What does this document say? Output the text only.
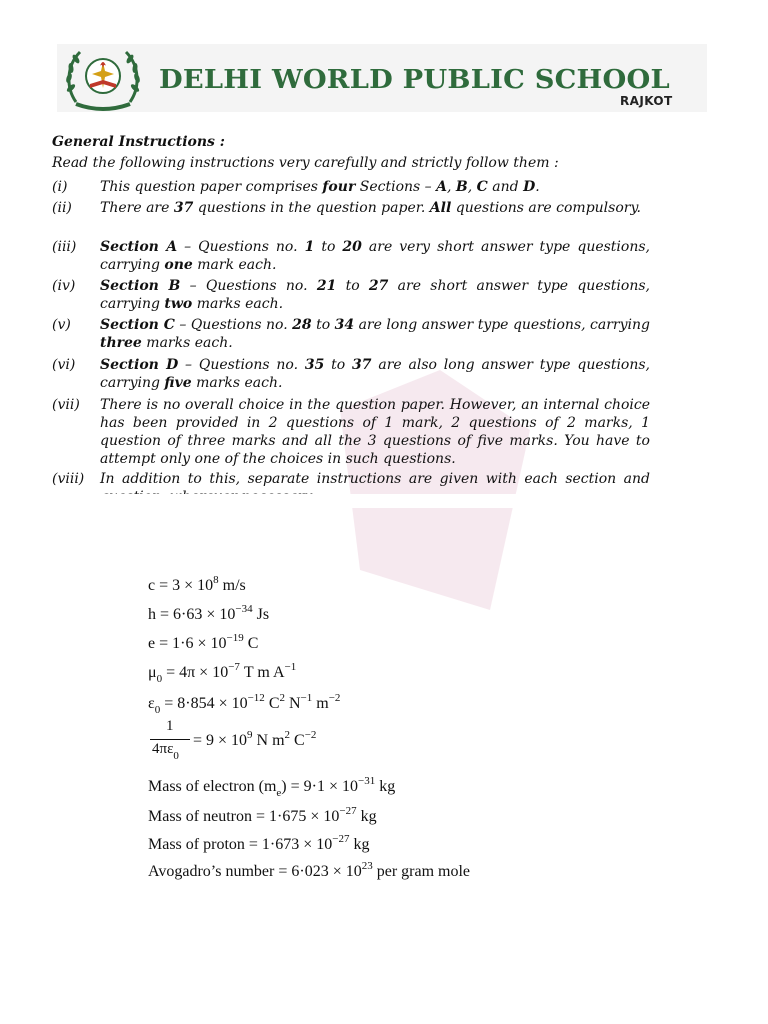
DELHI WORLD PUBLIC SCHOOL
RAJKOT
General Instructions :
Read the following instructions very carefully and strictly follow them :
(i) This question paper comprises four Sections – A, B, C and D.
(ii) There are 37 questions in the question paper. All questions are compulsory.
(iii) Section A – Questions no. 1 to 20 are very short answer type questions, carrying one mark each.
(iv) Section B – Questions no. 21 to 27 are short answer type questions, carrying two marks each.
(v) Section C – Questions no. 28 to 34 are long answer type questions, carrying three marks each.
(vi) Section D – Questions no. 35 to 37 are also long answer type questions, carrying five marks each.
(vii) There is no overall choice in the question paper. However, an internal choice has been provided in 2 questions of 1 mark, 2 questions of 2 marks, 1 question of three marks and all the 3 questions of five marks. You have to attempt only one of the choices in such questions.
(viii) In addition to this, separate instructions are given with each section and
$c = 3 \times 10^8$ m/s
$h = 6\cdot 63 \times 10^{-34}$ Js
$e = 1\cdot 6 \times 10^{-19}$ C
$\mu_0 = 4\pi \times 10^{-7}$ T m $A^{-1}$
$\varepsilon_0 = 8\cdot 854 \times 10^{-12}$ $C^2$ $N^{-1}$ $m^{-2}$
= $9 \times 10^9$ N $m^2$ $C^{-2}$
Mass of electron $(m_e) = 9\cdot 1 \times 10^{-31}$ kg
Mass of neutron = $1\cdot 675 \times 10^{-27}$ kg
Mass of proton = $1\cdot 673 \times 10^{-27}$ kg
Avogadro’s number = $6\cdot 023 \times 10^{23}$ per gram mole
1
$4\pi\varepsilon_0$
